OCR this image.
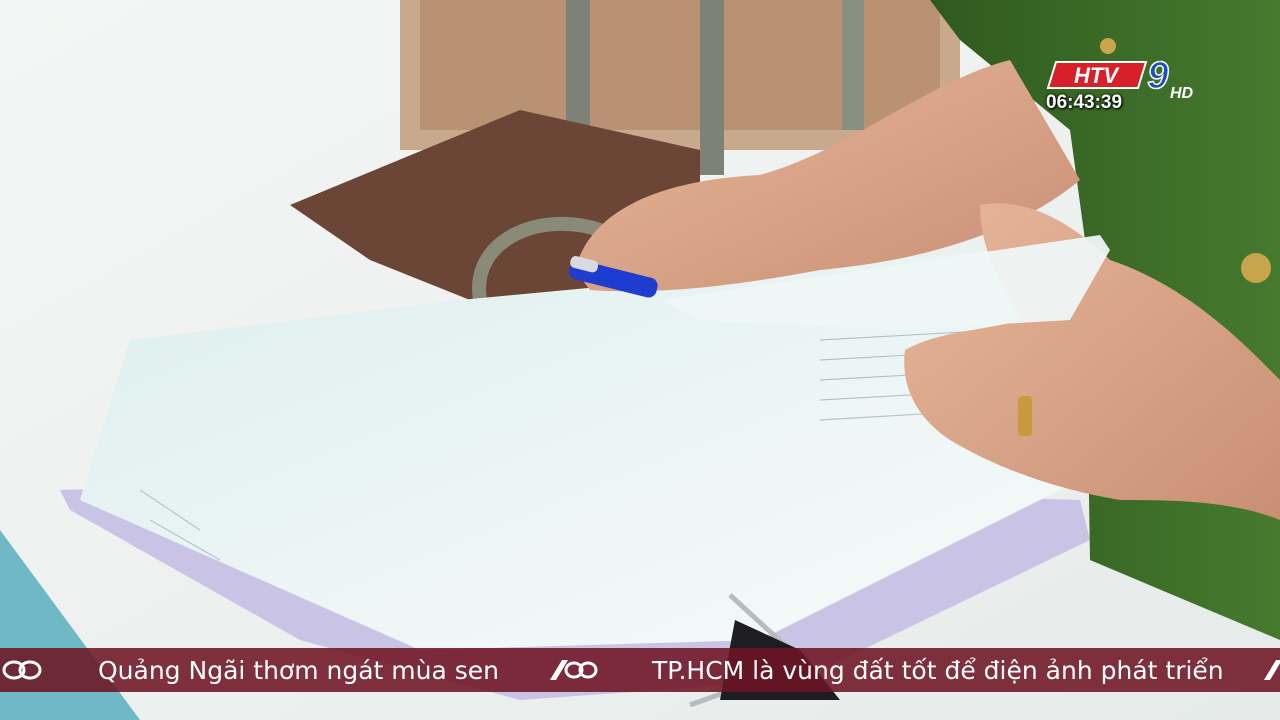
HTV 9 HD
06:43:39
Quảng Ngãi thơm ngát mùa sen	TP.HCM là vùng đất tốt để điện ảnh phát triển
